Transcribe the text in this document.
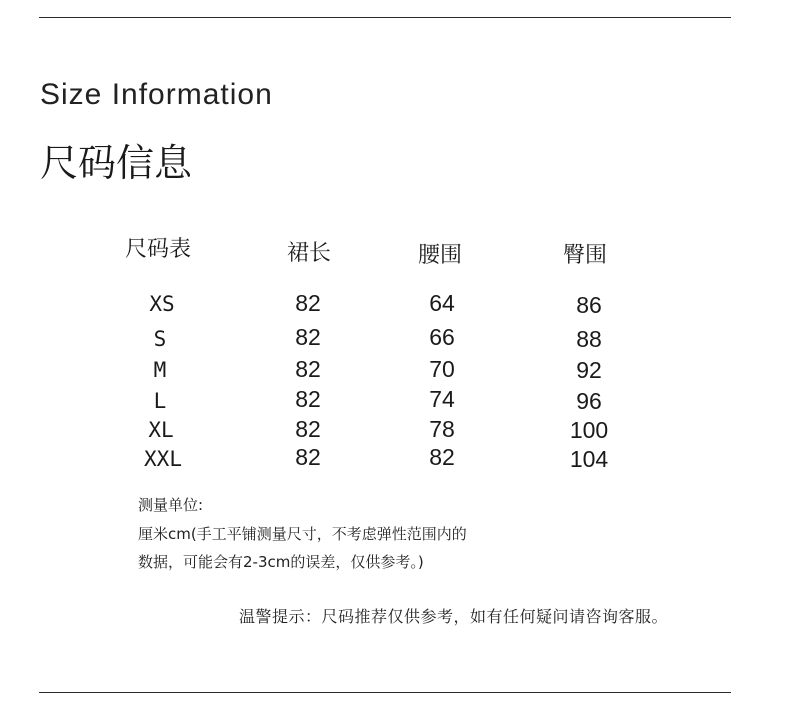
Size Information
尺码信息
尺码表	裙长	腰围	臀围
XS	82	64	86
S	82	66	88
M	82	70	92
L	82	74	96
XL	82	78	100
XXL	82	82	104
测量单位:
厘米cm(手工平铺测量尺寸，不考虑弹性范围内的
数据，可能会有2-3cm的误差，仅供参考。)
温警提示：尺码推荐仅供参考，如有任何疑问请咨询客服。
